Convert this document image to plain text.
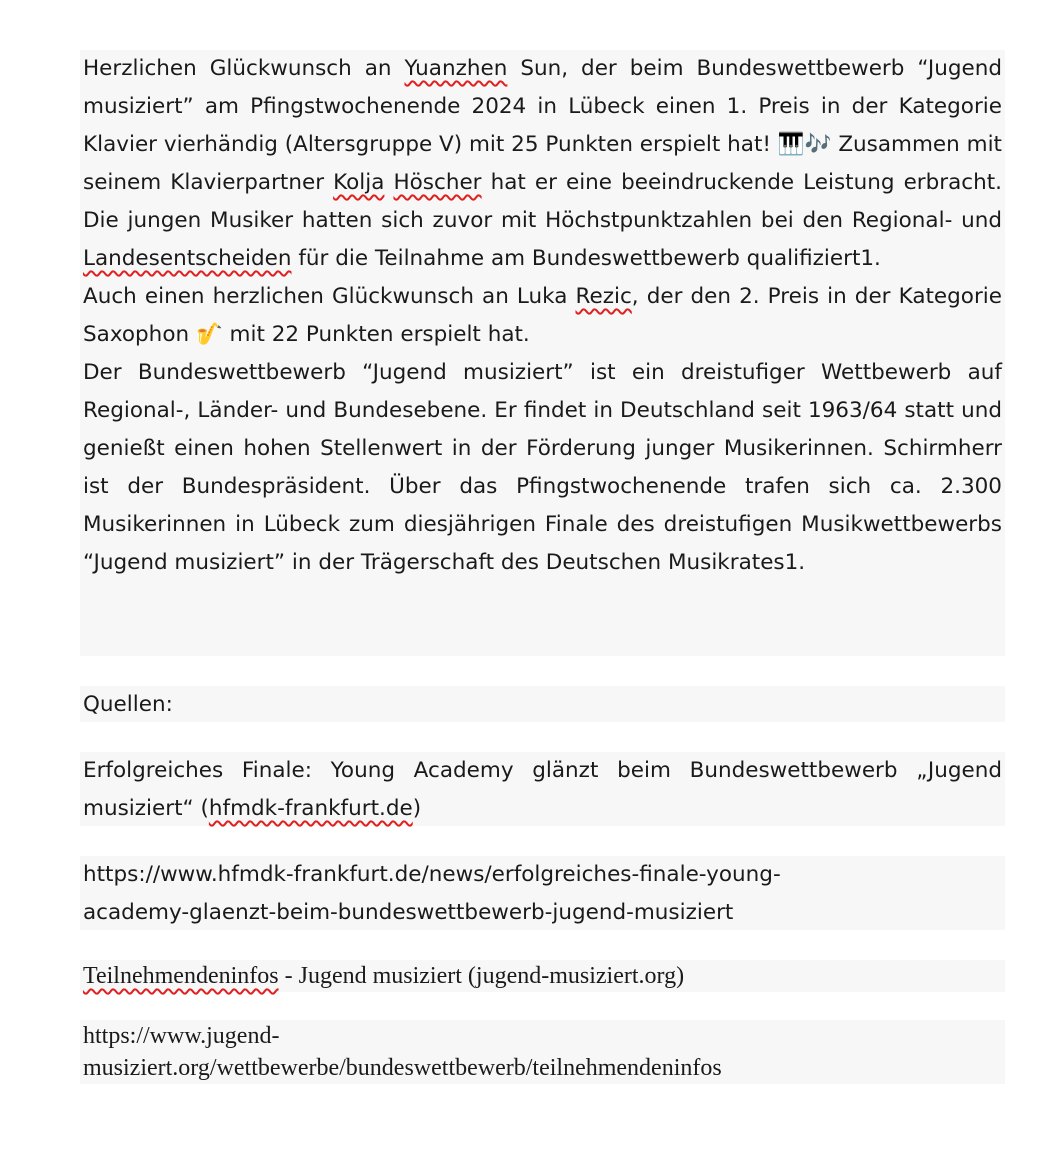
Herzlichen Glückwunsch an Yuanzhen Sun, der beim Bundeswettbewerb “Jugend musiziert” am Pfingstwochenende 2024 in Lübeck einen 1. Preis in der Kategorie Klavier vierhändig (Altersgruppe V) mit 25 Punkten erspielt hat! 🎹🎶 Zusammen mit seinem Klavierpartner Kolja Höscher hat er eine beeindruckende Leistung erbracht. Die jungen Musiker hatten sich zuvor mit Höchstpunktzahlen bei den Regional- und Landesentscheiden für die Teilnahme am Bundeswettbewerb qualifiziert1.

Auch einen herzlichen Glückwunsch an Luka Rezic, der den 2. Preis in der Kategorie Saxophon 🎷 mit 22 Punkten erspielt hat.

Der Bundeswettbewerb “Jugend musiziert” ist ein dreistufiger Wettbewerb auf Regional-, Länder- und Bundesebene. Er findet in Deutschland seit 1963/64 statt und genießt einen hohen Stellenwert in der Förderung junger Musikerinnen. Schirmherr ist der Bundespräsident. Über das Pfingstwochenende trafen sich ca. 2.300 Musikerinnen in Lübeck zum diesjährigen Finale des dreistufigen Musikwettbewerbs “Jugend musiziert” in der Trägerschaft des Deutschen Musikrates1.

Quellen:
Erfolgreiches Finale: Young Academy glänzt beim Bundeswettbewerb „Jugend musiziert“ (hfmdk-frankfurt.de)
https://www.hfmdk-frankfurt.de/news/erfolgreiches-finale-young-
academy-glaenzt-beim-bundeswettbewerb-jugend-musiziert
Teilnehmendeninfos - Jugend musiziert (jugend-musiziert.org)
https://www.jugend-
musiziert.org/wettbewerbe/bundeswettbewerb/teilnehmendeninfos
